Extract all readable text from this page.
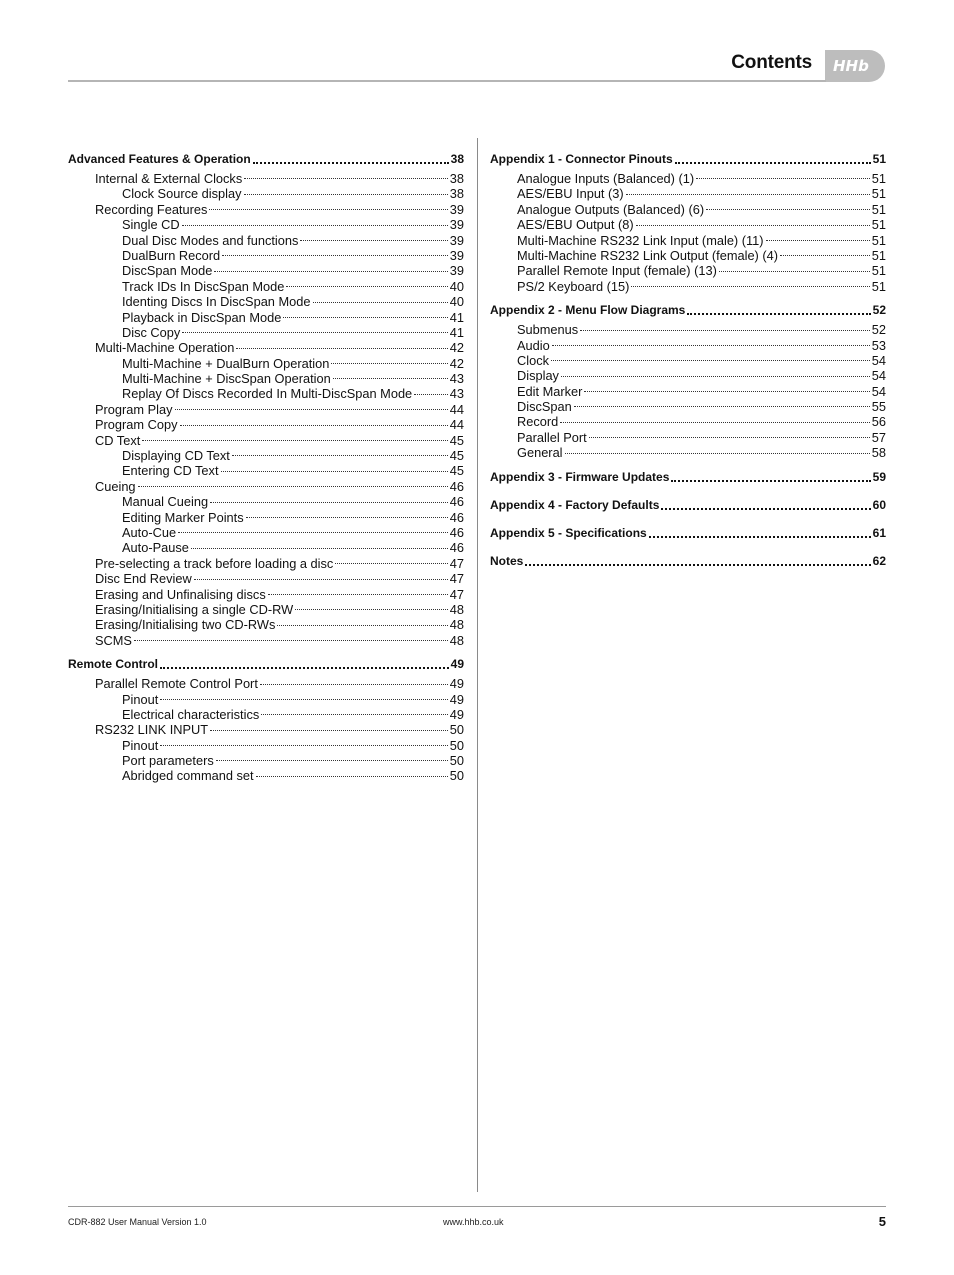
Contents HHb
Advanced Features & Operation	38
Internal & External Clocks	38
Clock Source display	38
Recording Features	39
Single CD	39
Dual Disc Modes and functions	39
DualBurn Record	39
DiscSpan Mode	39
Track IDs In DiscSpan Mode	40
Identing Discs In DiscSpan Mode	40
Playback in DiscSpan Mode	41
Disc Copy	41
Multi-Machine Operation	42
Multi-Machine + DualBurn Operation	42
Multi-Machine + DiscSpan Operation	43
Replay Of Discs Recorded In Multi-DiscSpan Mode	43
Program Play	44
Program Copy	44
CD Text	45
Displaying CD Text	45
Entering CD Text	45
Cueing	46
Manual Cueing	46
Editing Marker Points	46
Auto-Cue	46
Auto-Pause	46
Pre-selecting a track before loading a disc	47
Disc End Review	47
Erasing and Unfinalising discs	47
Erasing/Initialising a single CD-RW	48
Erasing/Initialising two CD-RWs	48
SCMS	48
Remote Control	49
Parallel Remote Control Port	49
Pinout	49
Electrical characteristics	49
RS232 LINK INPUT	50
Pinout	50
Port parameters	50
Abridged command set	50
Appendix 1 - Connector Pinouts	51
Analogue Inputs (Balanced) (1)	51
AES/EBU Input (3)	51
Analogue Outputs (Balanced) (6)	51
AES/EBU Output (8)	51
Multi-Machine RS232 Link Input (male) (11)	51
Multi-Machine RS232 Link Output (female) (4)	51
Parallel Remote Input (female) (13)	51
PS/2 Keyboard (15)	51
Appendix 2 - Menu Flow Diagrams	52
Submenus	52
Audio	53
Clock	54
Display	54
Edit Marker	54
DiscSpan	55
Record	56
Parallel Port	57
General	58
Appendix 3 - Firmware Updates	59
Appendix 4 - Factory Defaults	60
Appendix 5 - Specifications	61
Notes	62
CDR-882 User Manual Version 1.0	www.hhb.co.uk	5
